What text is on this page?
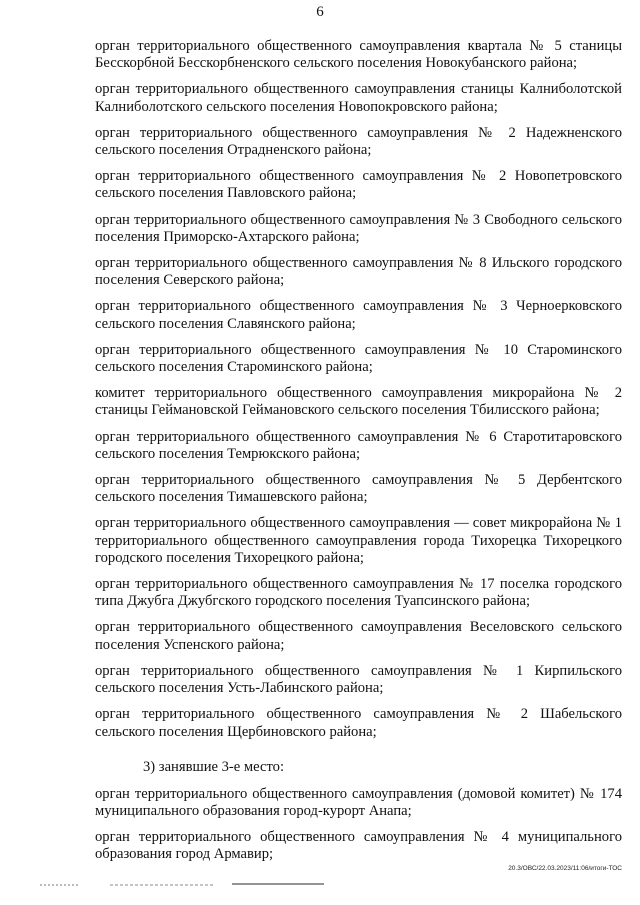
6

орган территориального общественного самоуправления квартала № 5 станицы Бесскорбной Бесскорбненского сельского поселения Новокубанского района;

орган территориального общественного самоуправления станицы Калниболотской Калниболотского сельского поселения Новопокровского района;

орган территориального общественного самоуправления № 2 Надежненского сельского поселения Отрадненского района;

орган территориального общественного самоуправления № 2 Новопетровского сельского поселения Павловского района;

орган территориального общественного самоуправления № 3 Свободного сельского поселения Приморско-Ахтарского района;

орган территориального общественного самоуправления № 8 Ильского городского поселения Северского района;

орган территориального общественного самоуправления № 3 Черноерковского сельского поселения Славянского района;

орган территориального общественного самоуправления № 10 Староминского сельского поселения Староминского района;

комитет территориального общественного самоуправления микрорайона № 2 станицы Геймановской Геймановского сельского поселения Тбилисского района;

орган территориального общественного самоуправления № 6 Старотитаровского сельского поселения Темрюкского района;

орган территориального общественного самоуправления № 5 Дербентского сельского поселения Тимашевского района;

орган территориального общественного самоуправления — совет микрорайона № 1 территориального общественного самоуправления города Тихорецка Тихорецкого городского поселения Тихорецкого района;

орган территориального общественного самоуправления № 17 поселка городского типа Джубга Джубгского городского поселения Туапсинского района;

орган территориального общественного самоуправления Веселовского сельского поселения Успенского района;

орган территориального общественного самоуправления № 1 Кирпильского сельского поселения Усть-Лабинского района;

орган территориального общественного самоуправления № 2 Шабельского сельского поселения Щербиновского района;

3) занявшие 3-е место:

орган территориального общественного самоуправления (домовой комитет) № 174 муниципального образования город-курорт Анапа;

орган территориального общественного самоуправления № 4 муниципального образования город Армавир;

20.3/ОВС/22.03.2023/11:06/итоги-ТОС
